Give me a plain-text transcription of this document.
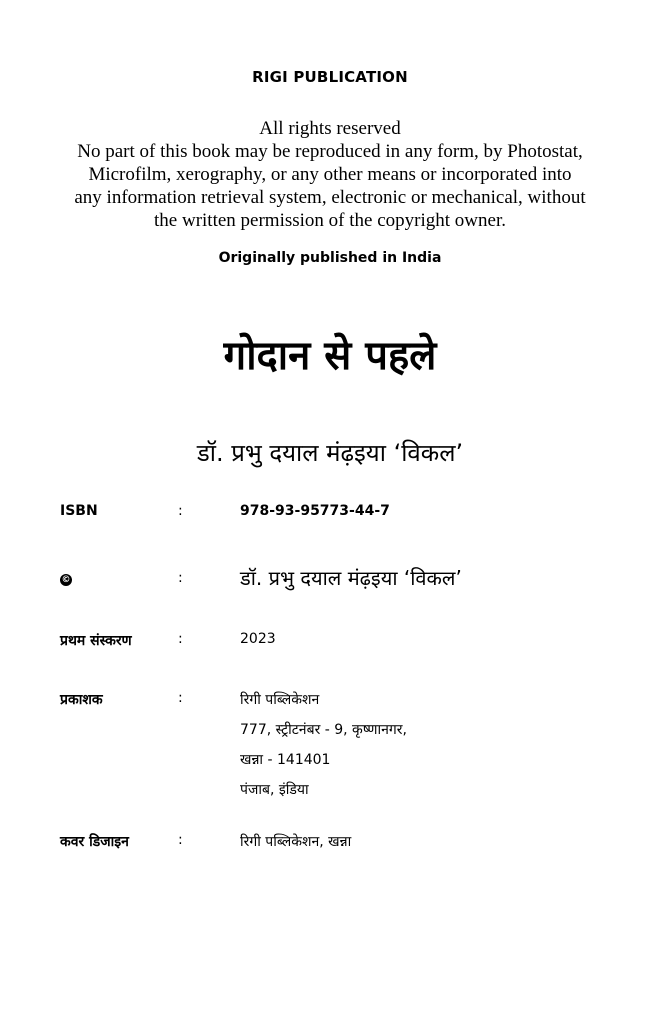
RIGI PUBLICATION
All rights reserved
No part of this book may be reproduced in any form, by Photostat,
Microfilm, xerography, or any other means or incorporated into
any information retrieval system, electronic or mechanical, without
the written permission of the copyright owner.
Originally published in India
गोदान से पहले
डॉ. प्रभु दयाल मंढ़इया ‘विकल’
ISBN	:	978-93-95773-44-7
©	:	डॉ. प्रभु दयाल मंढ़इया ‘विकल’
प्रथम संस्करण	:	2023
प्रकाशक	:	रिगी पब्लिकेशन
777, स्ट्रीटनंबर - 9, कृष्णानगर,
खन्ना - 141401
पंजाब, इंडिया
कवर डिजाइन	:	रिगी पब्लिकेशन, खन्ना
